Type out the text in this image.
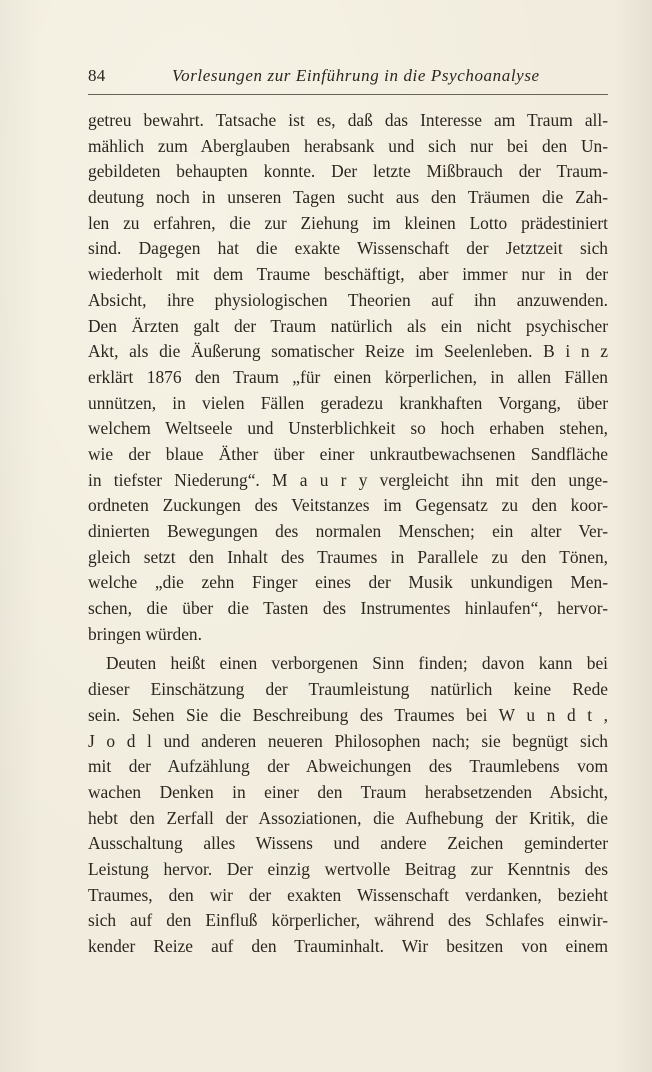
84	Vorlesungen zur Einführung in die Psychoanalyse
getreu bewahrt. Tatsache ist es, daß das Interesse am Traum all-
mählich zum Aberglauben herabsank und sich nur bei den Un-
gebildeten behaupten konnte. Der letzte Mißbrauch der Traum-
deutung noch in unseren Tagen sucht aus den Träumen die Zah-
len zu erfahren, die zur Ziehung im kleinen Lotto prädestiniert
sind. Dagegen hat die exakte Wissenschaft der Jetztzeit sich
wiederholt mit dem Traume beschäftigt, aber immer nur in der
Absicht, ihre physiologischen Theorien auf ihn anzuwenden.
Den Ärzten galt der Traum natürlich als ein nicht psychischer
Akt, als die Äußerung somatischer Reize im Seelenleben. B i n z
erklärt 1876 den Traum „für einen körperlichen, in allen Fällen
unnützen, in vielen Fällen geradezu krankhaften Vorgang, über
welchem Weltseele und Unsterblichkeit so hoch erhaben stehen,
wie der blaue Äther über einer unkrautbewachsenen Sandfläche
in tiefster Niederung“. M a u r y vergleicht ihn mit den unge-
ordneten Zuckungen des Veitstanzes im Gegensatz zu den koor-
dinierten Bewegungen des normalen Menschen; ein alter Ver-
gleich setzt den Inhalt des Traumes in Parallele zu den Tönen,
welche „die zehn Finger eines der Musik unkundigen Men-
schen, die über die Tasten des Instrumentes hinlaufen“, hervor-
bringen würden.
Deuten heißt einen verborgenen Sinn finden; davon kann bei
dieser Einschätzung der Traumleistung natürlich keine Rede
sein. Sehen Sie die Beschreibung des Traumes bei W u n d t ,
J o d l und anderen neueren Philosophen nach; sie begnügt sich
mit der Aufzählung der Abweichungen des Traumlebens vom
wachen Denken in einer den Traum herabsetzenden Absicht,
hebt den Zerfall der Assoziationen, die Aufhebung der Kritik, die
Ausschaltung alles Wissens und andere Zeichen geminderter
Leistung hervor. Der einzig wertvolle Beitrag zur Kenntnis des
Traumes, den wir der exakten Wissenschaft verdanken, bezieht
sich auf den Einfluß körperlicher, während des Schlafes einwir-
kender Reize auf den Trauminhalt. Wir besitzen von einem
